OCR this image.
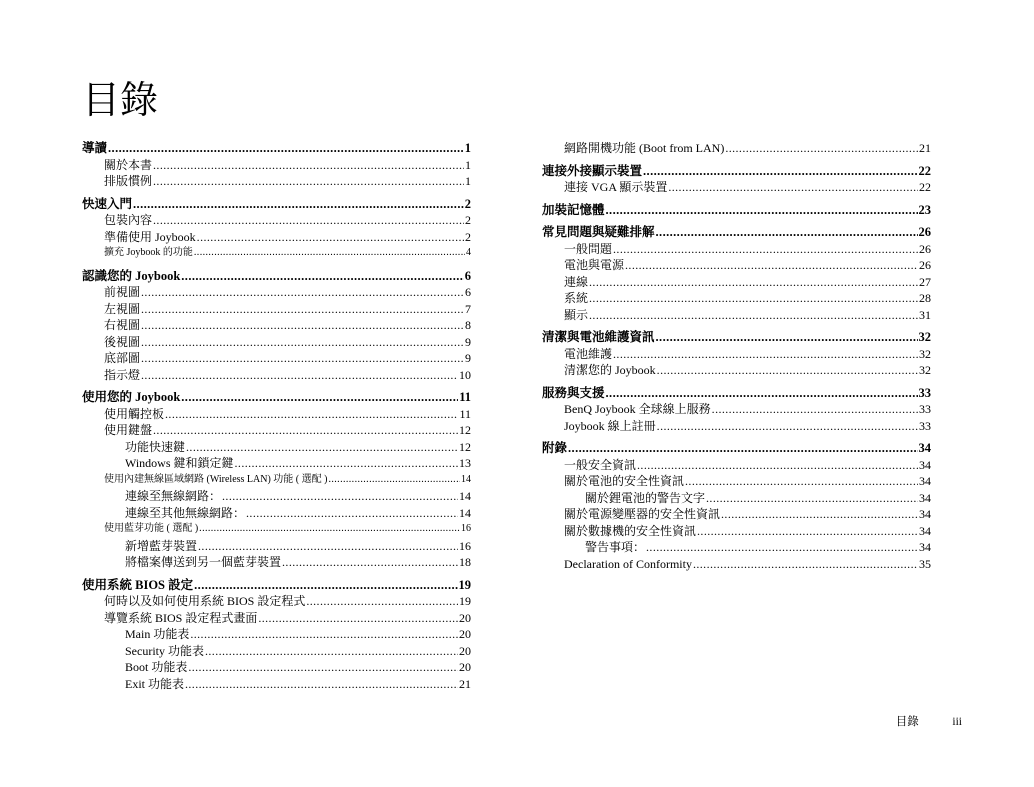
目錄
導讀 .....	1
關於本書 .....	1
排版慣例 .....	1
快速入門 .....	2
包裝內容 .....	2
準備使用 Joybook .....	2
擴充 Joybook 的功能 .....	4
認識您的 Joybook .....	6
前視圖 .....	6
左視圖 .....	7
右視圖 .....	8
後視圖 .....	9
底部圖 .....	9
指示燈 .....	10
使用您的 Joybook .....	11
使用觸控板 .....	11
使用鍵盤 .....	12
功能快速鍵 .....	12
Windows 鍵和鎖定鍵 .....	13
使用內建無線區域網路 (Wireless LAN) 功能 ( 選配 ) .....	14
連線至無線網路： .....	14
連線至其他無線網路： .....	14
使用藍芽功能 ( 選配 ) .....	16
新增藍芽裝置 .....	16
將檔案傳送到另一個藍芽裝置 .....	18
使用系統 BIOS 設定 .....	19
何時以及如何使用系統 BIOS 設定程式 .....	19
導覽系統 BIOS 設定程式畫面 .....	20
Main 功能表 .....	20
Security 功能表 .....	20
Boot 功能表 .....	20
Exit 功能表 .....	21
網路開機功能 (Boot from LAN) .....	21
連接外接顯示裝置 .....	22
連接 VGA 顯示裝置 .....	22
加裝記憶體 .....	23
常見問題與疑難排解 .....	26
一般問題 .....	26
電池與電源 .....	26
連線 .....	27
系統 .....	28
顯示 .....	31
清潔與電池維護資訊 .....	32
電池維護 .....	32
清潔您的 Joybook .....	32
服務與支援 .....	33
BenQ Joybook 全球線上服務 .....	33
Joybook 線上註冊 .....	33
附錄 .....	34
一般安全資訊 .....	34
關於電池的安全性資訊 .....	34
關於鋰電池的警告文字 .....	34
關於電源變壓器的安全性資訊 .....	34
關於數據機的安全性資訊 .....	34
警告事項： .....	34
Declaration of Conformity .....	35
目錄	iii
